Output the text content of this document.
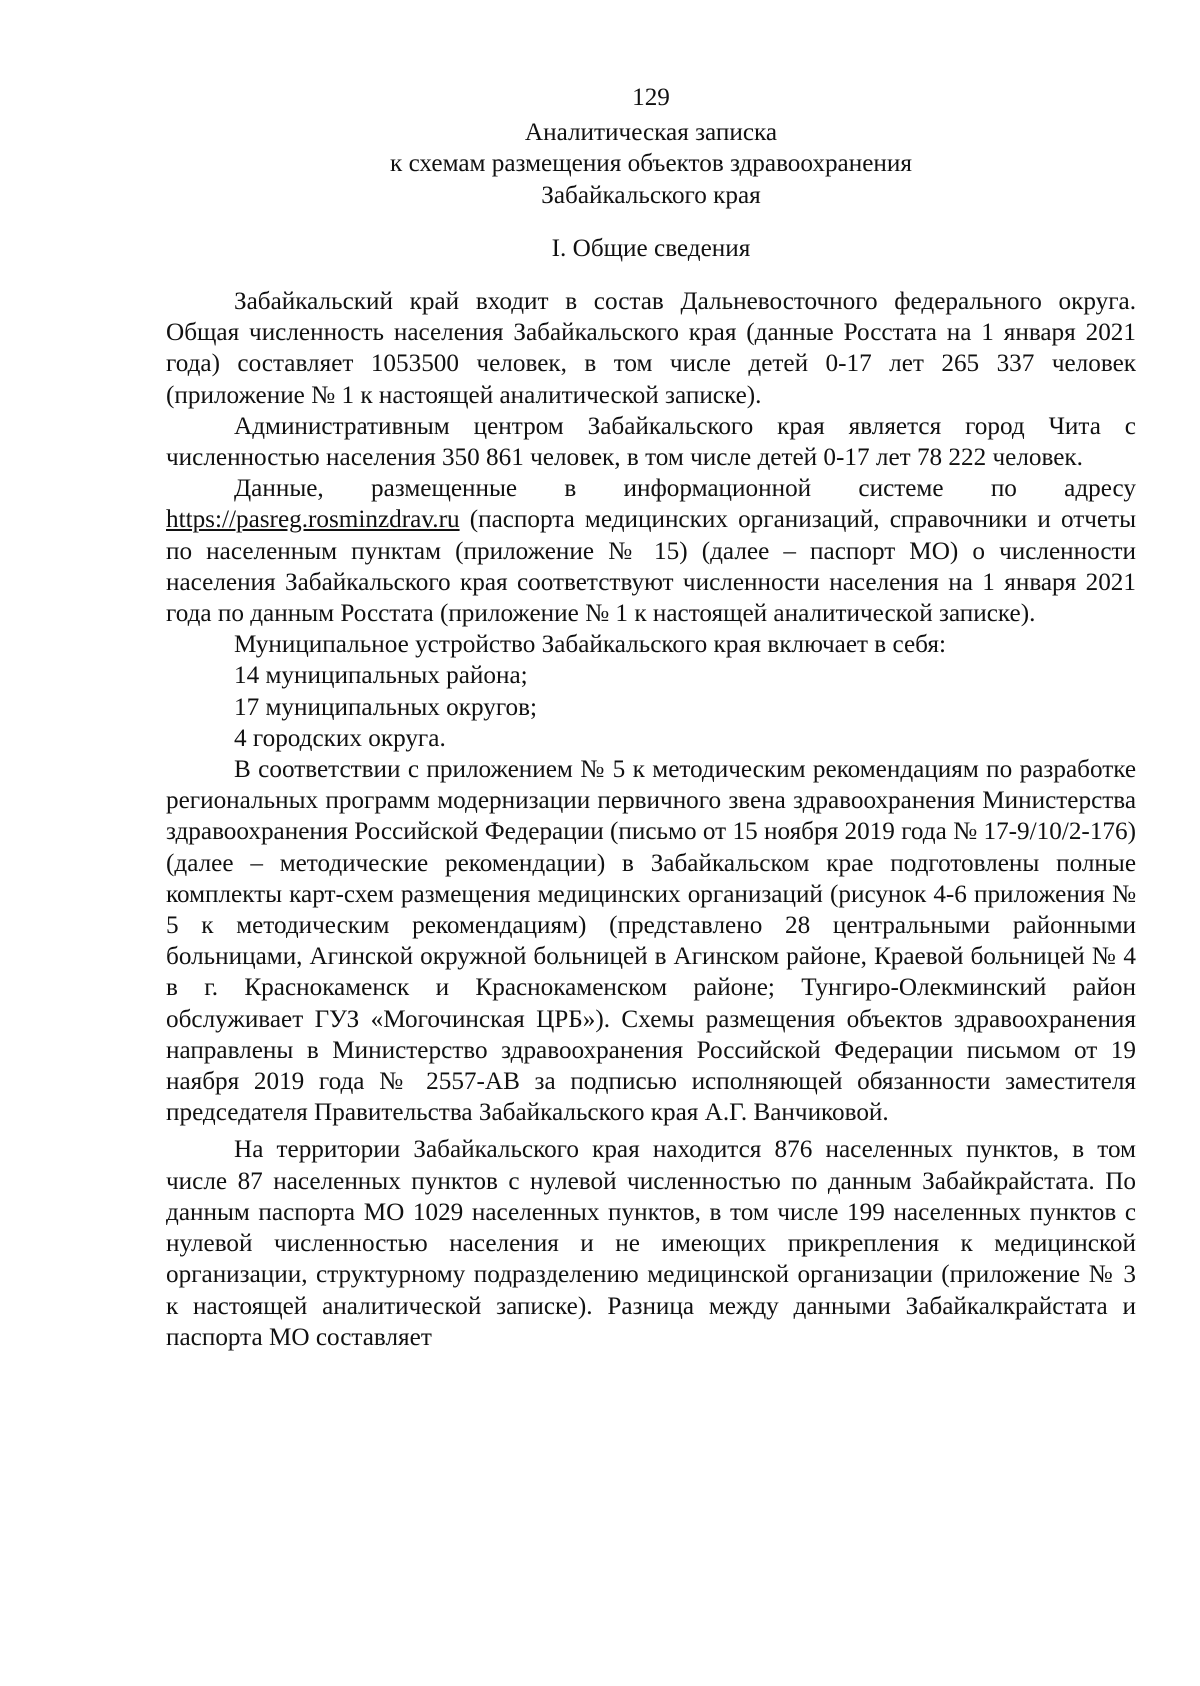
129
Аналитическая записка
к схемам размещения объектов здравоохранения
Забайкальского края
I. Общие сведения

Забайкальский край входит в состав Дальневосточного федерального округа. Общая численность населения Забайкальского края (данные Росстата на 1 января 2021 года) составляет 1053500 человек, в том числе детей 0-17 лет 265 337 человек (приложение № 1 к настоящей аналитической записке).

Административным центром Забайкальского края является город Чита с численностью населения 350 861 человек, в том числе детей 0-17 лет 78 222 человек.

Данные, размещенные в информационной системе по адресу https://pasreg.rosminzdrav.ru (паспорта медицинских организаций, справочники и отчеты по населенным пунктам (приложение № 15) (далее – паспорт МО) о численности населения Забайкальского края соответствуют численности населения на 1 января 2021 года по данным Росстата (приложение № 1 к настоящей аналитической записке).

Муниципальное устройство Забайкальского края включает в себя:

14 муниципальных района;
17 муниципальных округов;
4 городских округа.

В соответствии с приложением № 5 к методическим рекомендациям по разработке региональных программ модернизации первичного звена здравоохранения Министерства здравоохранения Российской Федерации (письмо от 15 ноября 2019 года № 17-9/10/2-176) (далее – методические рекомендации) в Забайкальском крае подготовлены полные комплекты карт-схем размещения медицинских организаций (рисунок 4-6 приложения № 5 к методическим рекомендациям) (представлено 28 центральными районными больницами, Агинской окружной больницей в Агинском районе, Краевой больницей № 4 в г. Краснокаменск и Краснокаменском районе; Тунгиро-Олекминский район обслуживает ГУЗ «Могочинская ЦРБ»). Схемы размещения объектов здравоохранения направлены в Министерство здравоохранения Российской Федерации письмом от 19 наября 2019 года № 2557-АВ за подписью исполняющей обязанности заместителя председателя Правительства Забайкальского края А.Г. Ванчиковой.

На территории Забайкальского края находится 876 населенных пунктов, в том числе 87 населенных пунктов с нулевой численностью по данным Забайкрайстата. По данным паспорта МО 1029 населенных пунктов, в том числе 199 населенных пунктов с нулевой численностью населения и не имеющих прикрепления к медицинской организации, структурному подразделению медицинской организации (приложение № 3 к настоящей аналитической записке). Разница между данными Забайкалкрайстата и паспорта МО составляет
